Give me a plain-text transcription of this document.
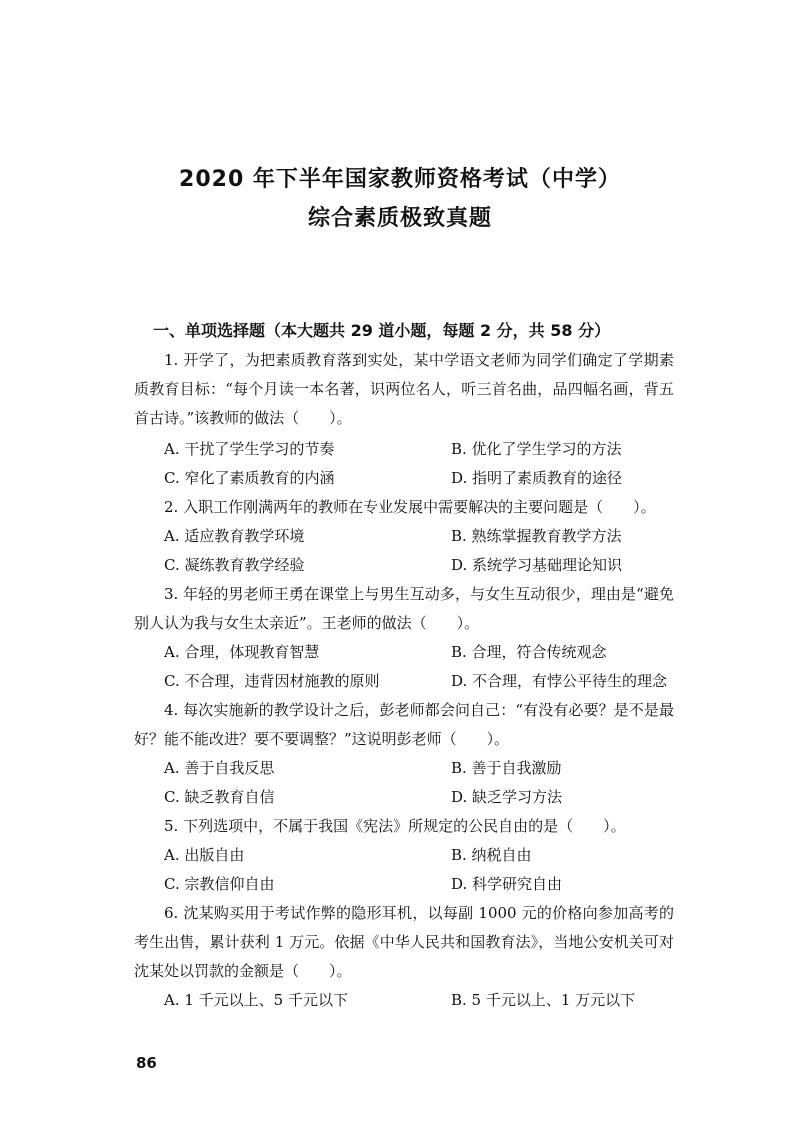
2020 年下半年国家教师资格考试（中学）
综合素质极致真题
一、单项选择题（本大题共 29 道小题，每题 2 分，共 58 分）
1. 开学了，为把素质教育落到实处，某中学语文老师为同学们确定了学期素质教育目标：“每个月读一本名著，识两位名人，听三首名曲，品四幅名画，背五首古诗。”该教师的做法（　　）。
A. 干扰了学生学习的节奏	B. 优化了学生学习的方法
C. 窄化了素质教育的内涵	D. 指明了素质教育的途径
2. 入职工作刚满两年的教师在专业发展中需要解决的主要问题是（　　）。
A. 适应教育教学环境	B. 熟练掌握教育教学方法
C. 凝练教育教学经验	D. 系统学习基础理论知识
3. 年轻的男老师王勇在课堂上与男生互动多，与女生互动很少，理由是“避免别人认为我与女生太亲近”。王老师的做法（　　）。
A. 合理，体现教育智慧	B. 合理，符合传统观念
C. 不合理，违背因材施教的原则	D. 不合理，有悖公平待生的理念
4. 每次实施新的教学设计之后，彭老师都会问自己：“有没有必要？是不是最好？能不能改进？要不要调整？”这说明彭老师（　　）。
A. 善于自我反思	B. 善于自我激励
C. 缺乏教育自信	D. 缺乏学习方法
5. 下列选项中，不属于我国《宪法》所规定的公民自由的是（　　）。
A. 出版自由	B. 纳税自由
C. 宗教信仰自由	D. 科学研究自由
6. 沈某购买用于考试作弊的隐形耳机，以每副 1000 元的价格向参加高考的考生出售，累计获利 1 万元。依据《中华人民共和国教育法》，当地公安机关可对沈某处以罚款的金额是（　　）。
A. 1 千元以上、5 千元以下	B. 5 千元以上、1 万元以下
86
